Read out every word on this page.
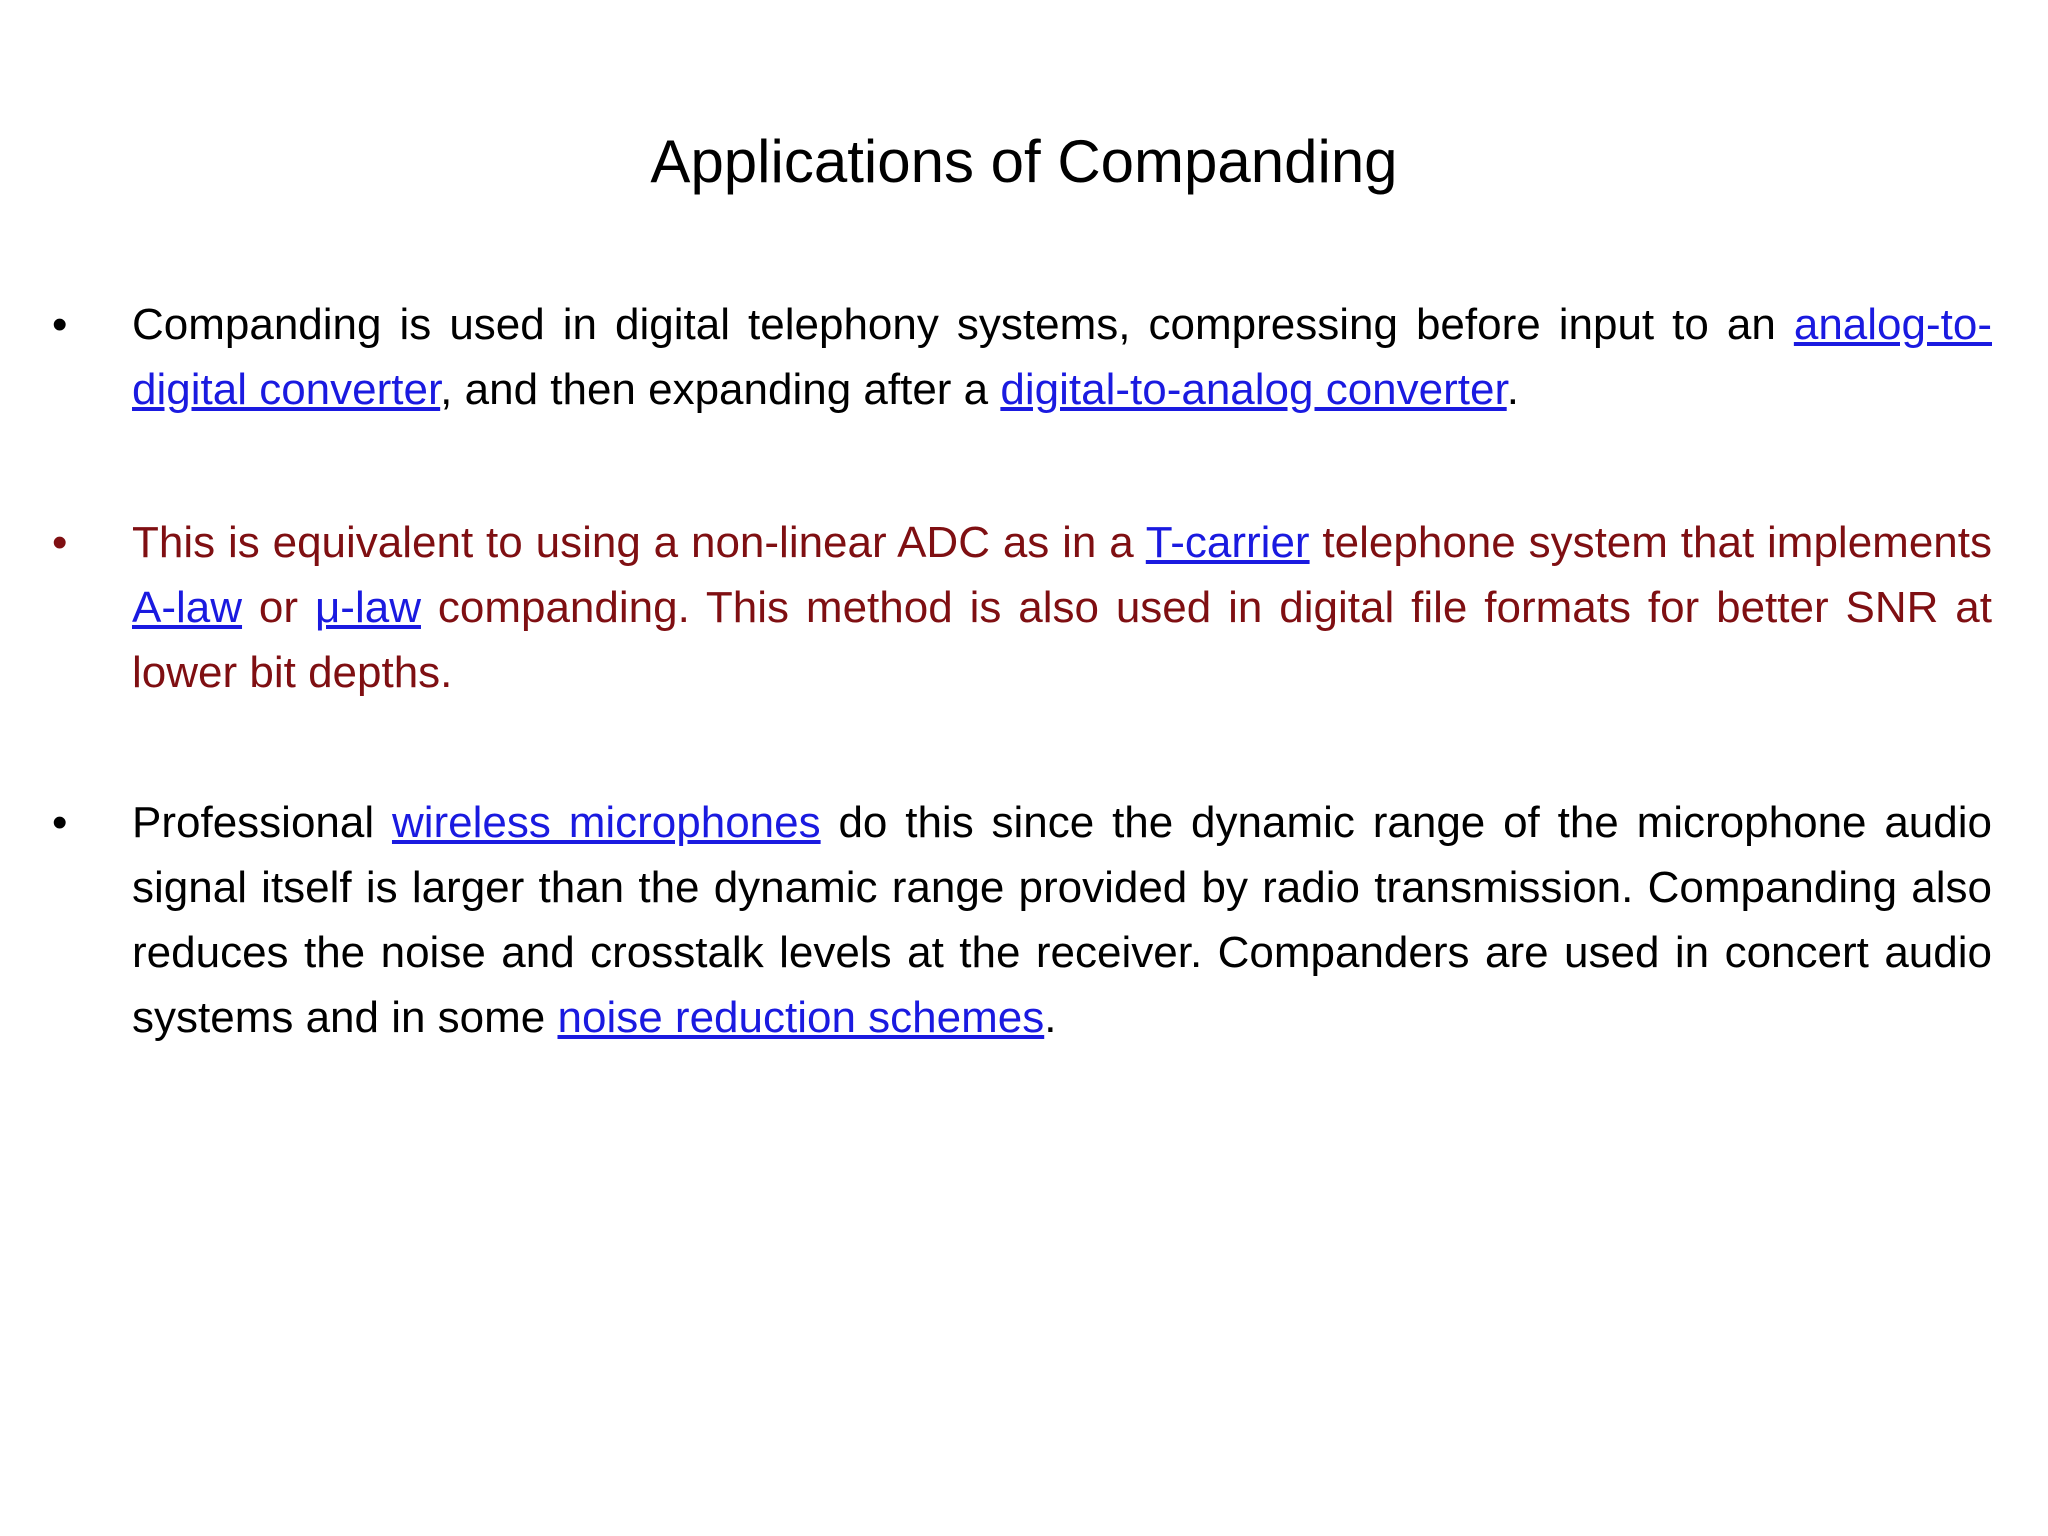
Applications of Companding
• Companding is used in digital telephony systems, compressing before input to an analog-to-digital converter, and then expanding after a digital-to-analog converter.

• This is equivalent to using a non-linear ADC as in a T-carrier telephone system that implements A-law or μ-law companding. This method is also used in digital file formats for better SNR at lower bit depths.

• Professional wireless microphones do this since the dynamic range of the microphone audio signal itself is larger than the dynamic range provided by radio transmission. Companding also reduces the noise and crosstalk levels at the receiver. Companders are used in concert audio systems and in some noise reduction schemes.
